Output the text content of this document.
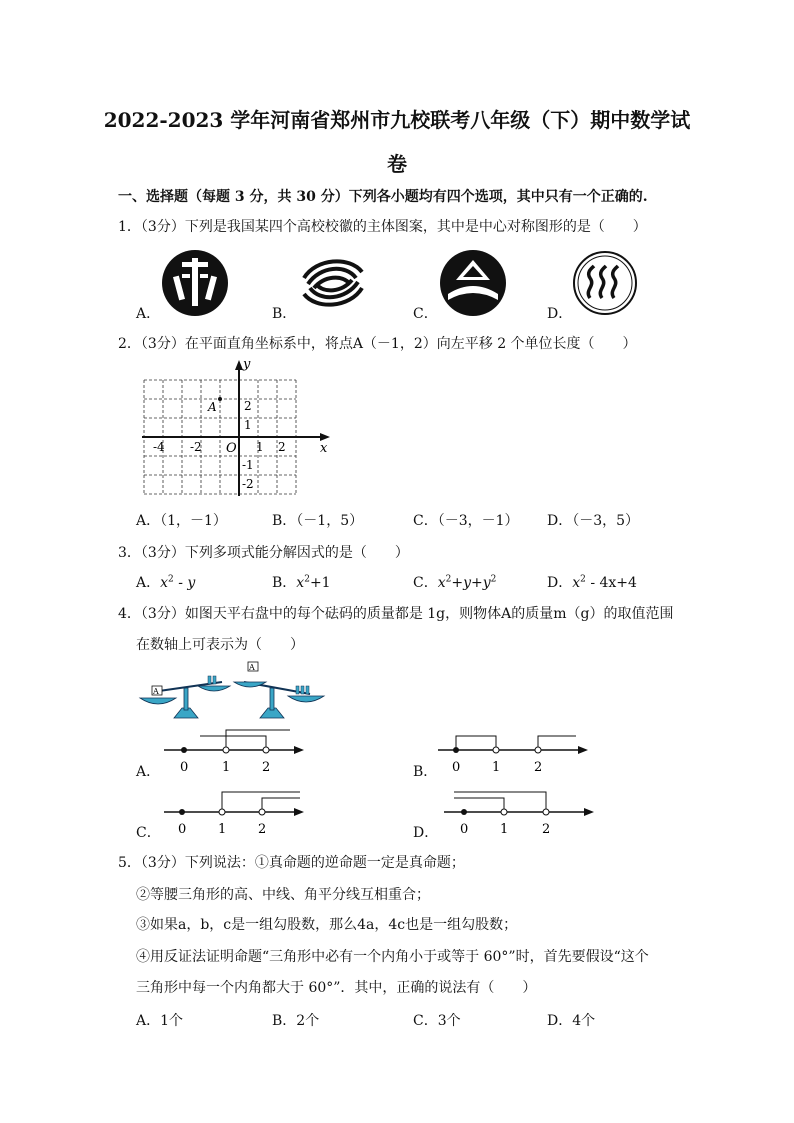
2022-2023 学年河南省郑州市九校联考八年级（下）期中数学试
卷
一、选择题（每题 3 分，共 30 分）下列各小题均有四个选项，其中只有一个正确的.
1．（3分）下列是我国某四个高校校徽的主体图案，其中是中心对称图形的是（　　）
A．	B．	C．	D．
2．（3分）在平面直角坐标系中，将点A（－1，2）向左平移 2 个单位长度（　　）
y
x
O
A
-4 -2	1 2
2
1
-1
-2
A．（1，－1）	B．（－1，5）	C．（－3，－1） D．（－3，5）
3．（3分）下列多项式能分解因式的是（　　）
A．$x^2$ - y	B．$x^2+1$	C．$x^2+y+y^2$	D．$x^2 - 4x+4$
4．（3分）如图天平右盘中的每个砝码的质量都是 1g，则物体A的质量m（g）的取值范围
在数轴上可表示为（　　）
A
A
A． 0	1 2	B． 0 1	2
C． 0 1 2	D． 0 1	2
5．（3分）下列说法：①真命题的逆命题一定是真命题；
②等腰三角形的高、中线、角平分线互相重合；
③如果a，b，c是一组勾股数，那么4a，4c也是一组勾股数；
④用反证法证明命题“三角形中必有一个内角小于或等于 60°”时，首先要假设“这个
三角形中每一个内角都大于 60°”．其中，正确的说法有（　　）
A．1个	B．2个	C．3个	D．4个
